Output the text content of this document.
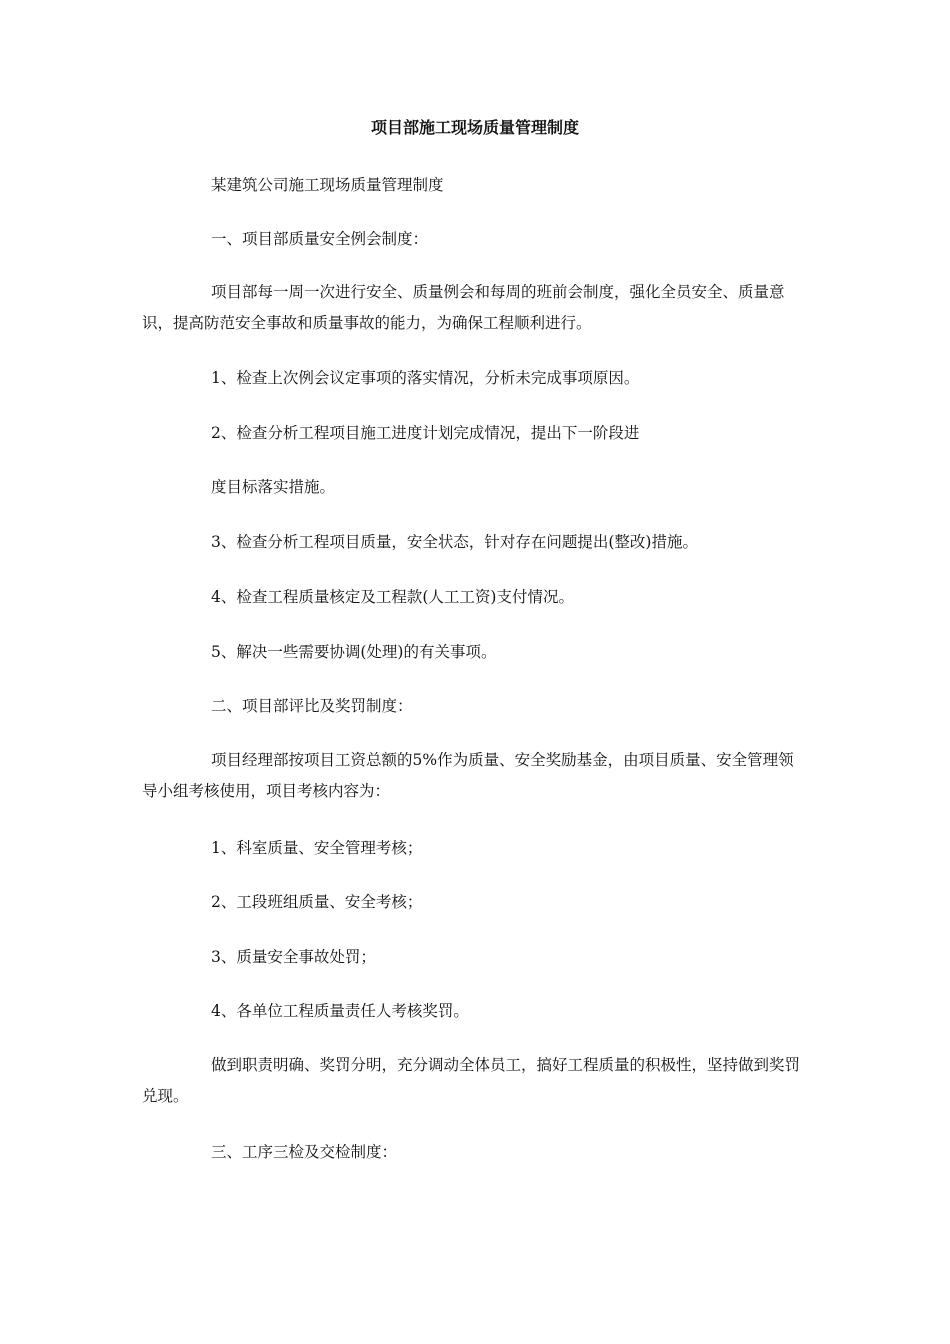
项目部施工现场质量管理制度

某建筑公司施工现场质量管理制度

一、项目部质量安全例会制度：

项目部每一周一次进行安全、质量例会和每周的班前会制度，强化全员安全、质量意识，提高防范安全事故和质量事故的能力，为确保工程顺利进行。

1、检查上次例会议定事项的落实情况，分析未完成事项原因。

2、检查分析工程项目施工进度计划完成情况，提出下一阶段进

度目标落实措施。

3、检查分析工程项目质量，安全状态，针对存在问题提出(整改)措施。

4、检查工程质量核定及工程款(人工工资)支付情况。

5、解决一些需要协调(处理)的有关事项。

二、项目部评比及奖罚制度：

项目经理部按项目工资总额的5%作为质量、安全奖励基金，由项目质量、安全管理领导小组考核使用，项目考核内容为：

1、科室质量、安全管理考核；

2、工段班组质量、安全考核；

3、质量安全事故处罚；

4、各单位工程质量责任人考核奖罚。

做到职责明确、奖罚分明，充分调动全体员工，搞好工程质量的积极性，坚持做到奖罚兑现。

三、工序三检及交检制度：
